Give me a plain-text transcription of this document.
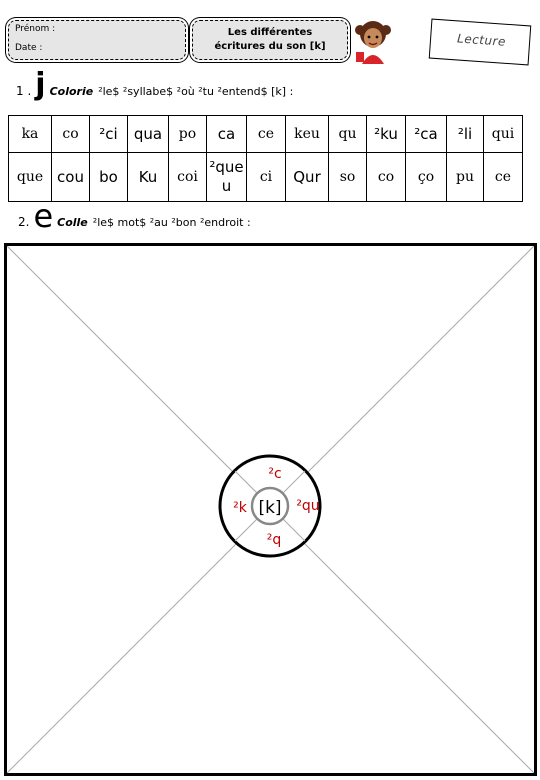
Prénom :
Date :
Les différentes
écritures du son [k]	Lecture
1 . j Colorie ²le$ ²syllabe$ ²où ²tu ²entend$ [k] :
ka	co	²ci	qua	po	ca	ce	keu	qu	²ku	²ca	²li	qui
que	cou	bo	Ku	coi	²que u	ci	Qur	so	co	ço	pu	ce
2. e Colle ²le$ mot$ ²au ²bon ²endroit :
[k]
²c
²k	²qu
²q
